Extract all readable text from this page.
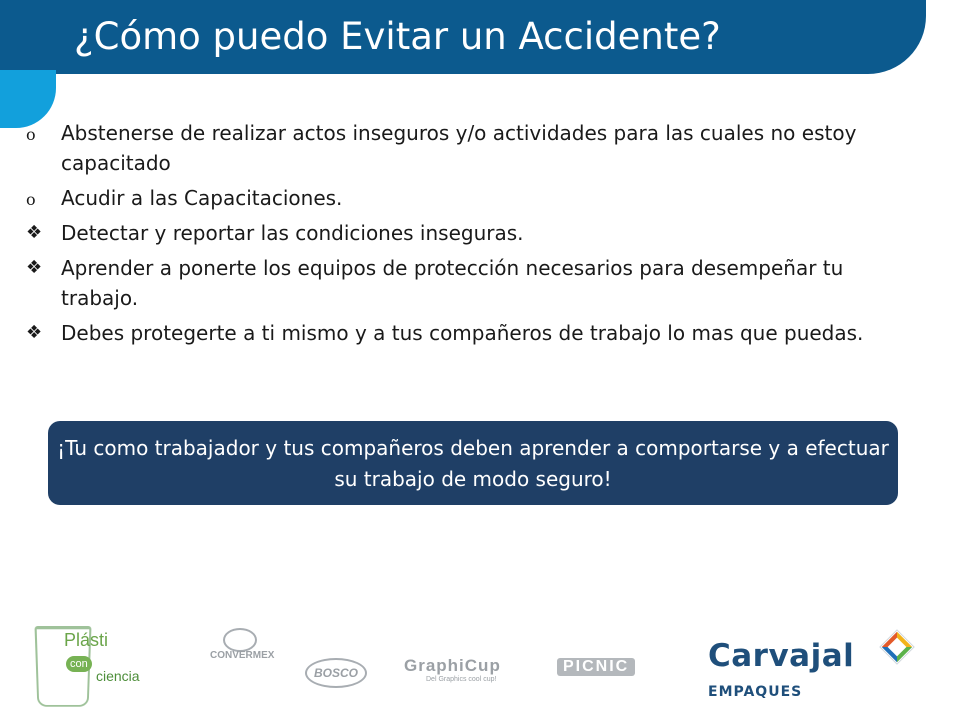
¿Cómo puedo Evitar un Accidente?
o	Abstenerse de realizar actos inseguros y/o actividades para las cuales no estoy capacitado
o	Acudir a las Capacitaciones.
❖ Detectar y reportar las condiciones inseguras.
❖ Aprender a ponerte los equipos de protección necesarios para desempeñar tu trabajo.
❖ Debes protegerte a ti mismo y a tus compañeros de trabajo lo mas que puedas.
¡Tu como trabajador y tus compañeros deben aprender a comportarse y a efectuar su trabajo de modo seguro!
Plásti
con
ciencia
CONVERMEX
BOSCO	GraphiCup
Del Graphics cool cup!
PICNIC	Carvajal
EMPAQUES
